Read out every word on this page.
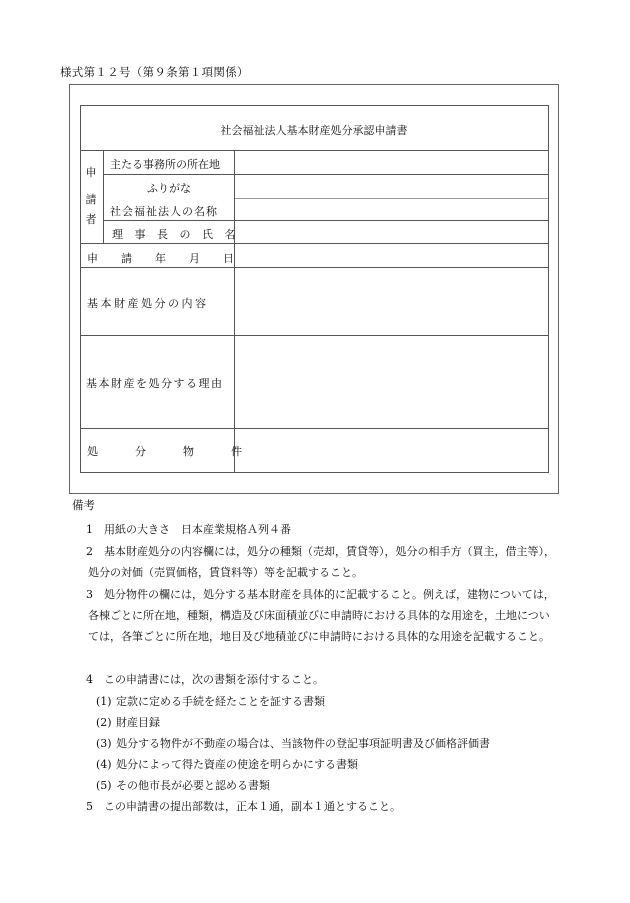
様式第１２号（第９条第１項関係）
社会福祉法人基本財産処分承認申請書
申
請
者
主たる事務所の所在地
ふりがな
社会福祉法人の名称
理 事 長 の 氏 名
申　請　年　月　日
基本財産処分の内容
基本財産を処分する理由
処　　分　　物　　件
備考
1 用紙の大きさ　日本産業規格Ａ列４番
2	基本財産処分の内容欄には，処分の種類（売却，賃貸等），処分の相手方（買主，借主等），処分の対価（売買価格，賃貸料等）等を記載すること。
3	処分物件の欄には，処分する基本財産を具体的に記載すること。例えば，建物については，各棟ごとに所在地，種類，構造及び床面積並びに申請時における具体的な用途を，土地については，各筆ごとに所在地，地目及び地積並びに申請時における具体的な用途を記載すること。
4 この申請書には，次の書類を添付すること。
(1) 定款に定める手続を経たことを証する書類
(2) 財産目録
(3) 処分する物件が不動産の場合は、当該物件の登記事項証明書及び価格評価書
(4) 処分によって得た資産の使途を明らかにする書類
(5) その他市長が必要と認める書類
5 この申請書の提出部数は，正本１通，副本１通とすること。
